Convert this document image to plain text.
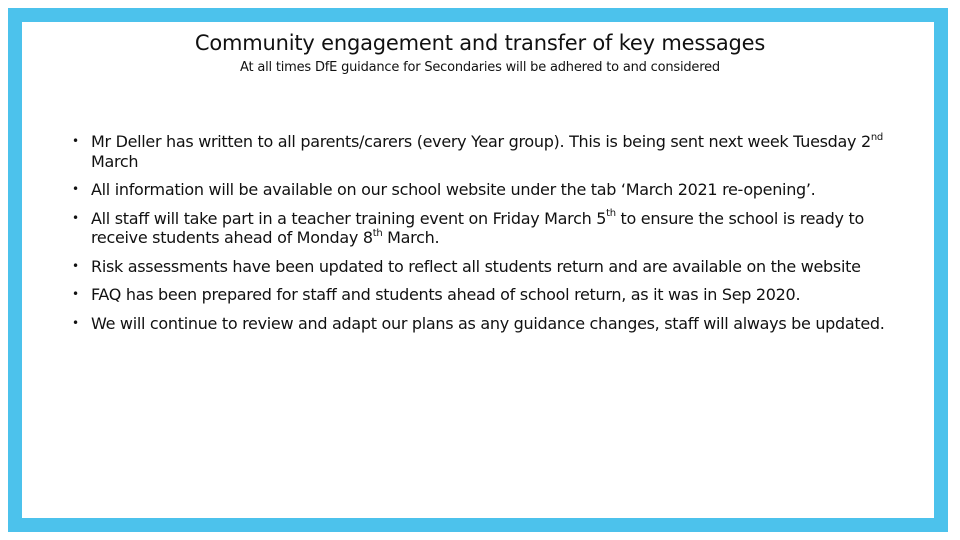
Community engagement and transfer of key messages
At all times DfE guidance for Secondaries will be adhered to and considered
• Mr Deller has written to all parents/carers (every Year group). This is being sent next week Tuesday 2nd March
• All information will be available on our school website under the tab ‘March 2021 re-opening’.
• All staff will take part in a teacher training event on Friday March 5th to ensure the school is ready to receive students ahead of Monday 8th March.
• Risk assessments have been updated to reflect all students return and are available on the website
• FAQ has been prepared for staff and students ahead of school return, as it was in Sep 2020.
• We will continue to review and adapt our plans as any guidance changes, staff will always be updated.
